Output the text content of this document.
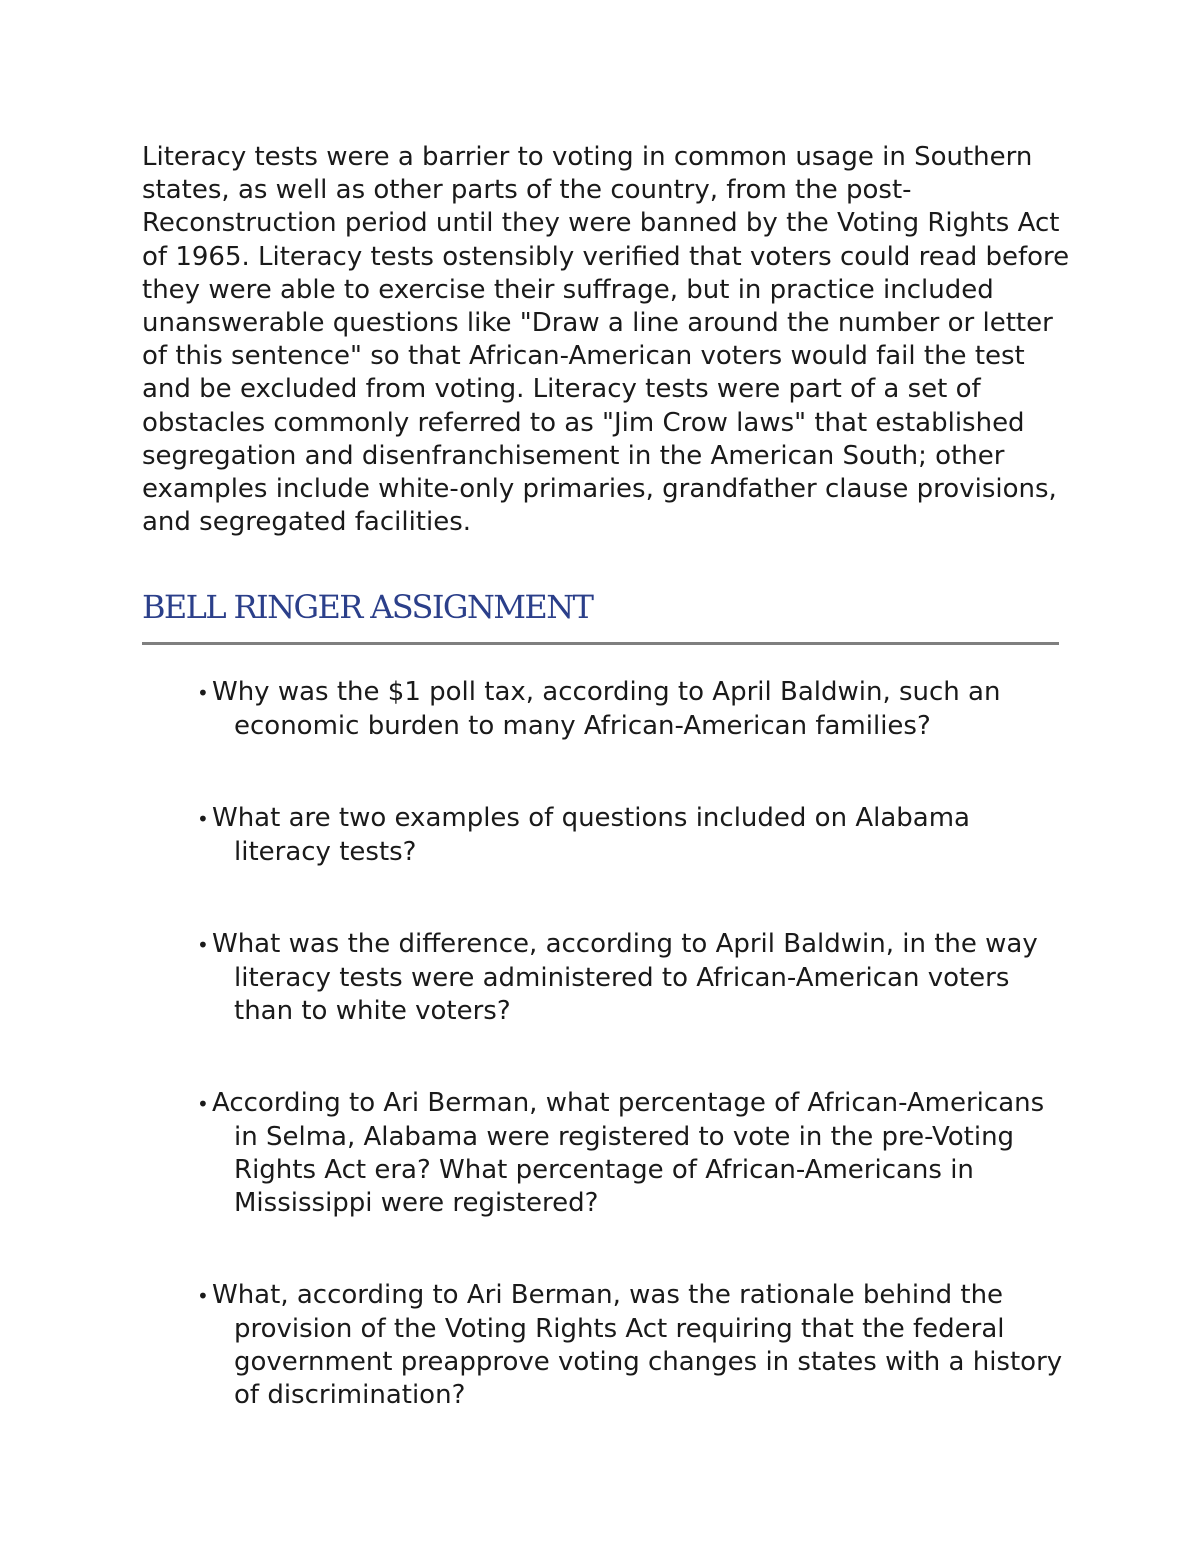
Literacy tests were a barrier to voting in common usage in Southern states, as well as other parts of the country, from the post-Reconstruction period until they were banned by the Voting Rights Act of 1965. Literacy tests ostensibly verified that voters could read before they were able to exercise their suffrage, but in practice included unanswerable questions like "Draw a line around the number or letter of this sentence" so that African-American voters would fail the test and be excluded from voting. Literacy tests were part of a set of obstacles commonly referred to as "Jim Crow laws" that established segregation and disenfranchisement in the American South; other examples include white-only primaries, grandfather clause provisions, and segregated facilities.

BELL RINGER ASSIGNMENT
• Why was the $1 poll tax, according to April Baldwin, such an economic burden to many African-American families?
• What are two examples of questions included on Alabama literacy tests?
• What was the difference, according to April Baldwin, in the way literacy tests were administered to African-American voters than to white voters?
• According to Ari Berman, what percentage of African-Americans in Selma, Alabama were registered to vote in the pre-Voting Rights Act era? What percentage of African-Americans in Mississippi were registered?
• What, according to Ari Berman, was the rationale behind the provision of the Voting Rights Act requiring that the federal government preapprove voting changes in states with a history of discrimination?
